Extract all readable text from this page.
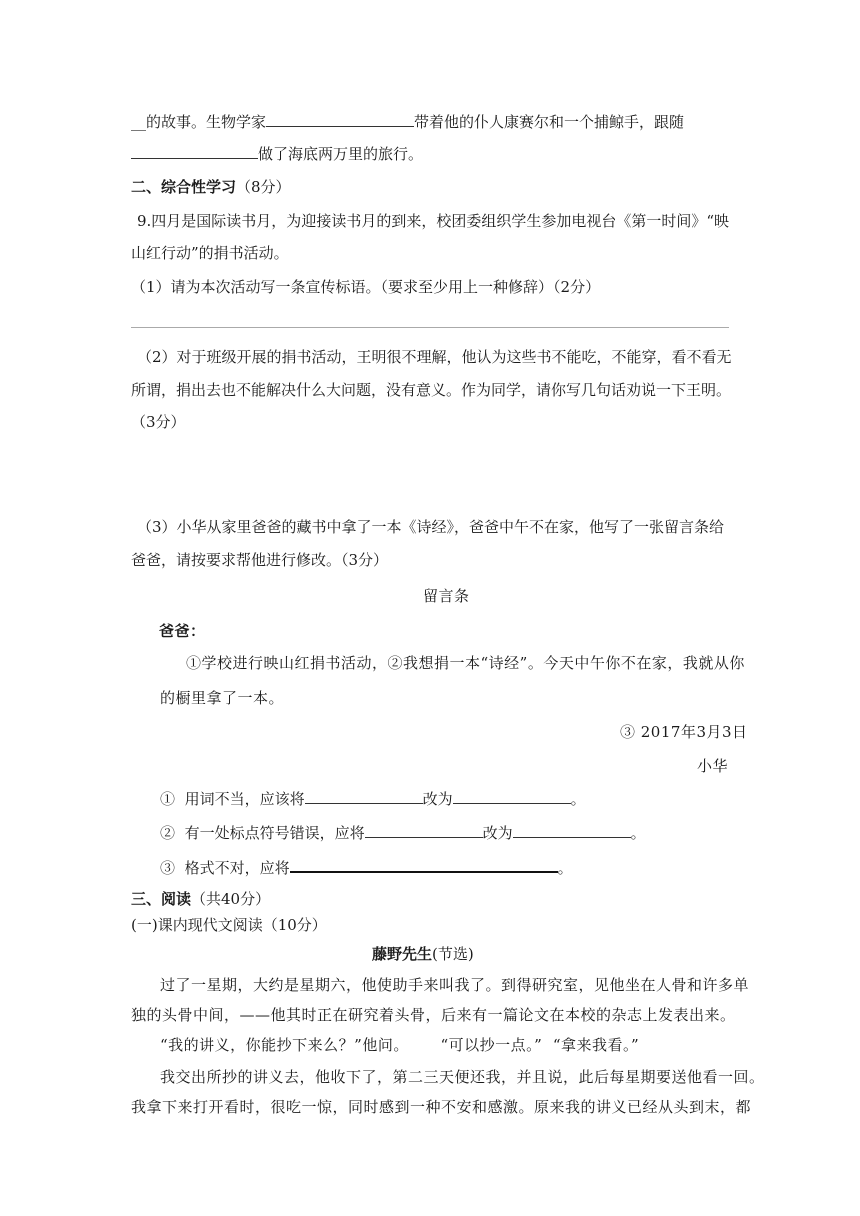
__的故事。生物学家	带着他的仆人康赛尔和一个捕鲸手，跟随
做了海底两万里的旅行。
二、综合性学习（8分）
9.四月是国际读书月，为迎接读书月的到来，校团委组织学生参加电视台《第一时间》“映
山红行动”的捐书活动。
（1）请为本次活动写一条宣传标语。（要求至少用上一种修辞）（2分）
（2）对于班级开展的捐书活动，王明很不理解，他认为这些书不能吃，不能穿，看不看无
所谓，捐出去也不能解决什么大问题，没有意义。作为同学，请你写几句话劝说一下王明。
（3分）
（3）小华从家里爸爸的藏书中拿了一本《诗经》，爸爸中午不在家，他写了一张留言条给
爸爸，请按要求帮他进行修改。（3分）
留言条
爸爸：
①学校进行映山红捐书活动，②我想捐一本“诗经”。今天中午你不在家，我就从你
的橱里拿了一本。
③ 2017年3月3日
小华
① 用词不当，应该将	改为	。
② 有一处标点符号错误，应将	改为	。
③ 格式不对，应将	。
三、阅读（共40分）
(一)课内现代文阅读（10分）
藤野先生(节选)
过了一星期，大约是星期六，他使助手来叫我了。到得研究室，见他坐在人骨和许多单
独的头骨中间，——他其时正在研究着头骨，后来有一篇论文在本校的杂志上发表出来。
“我的讲义，你能抄下来么？”他问。      “可以抄一点。”  “拿来我看。”
我交出所抄的讲义去，他收下了，第二三天便还我，并且说，此后每星期要送他看一回。
我拿下来打开看时，很吃一惊，同时感到一种不安和感激。原来我的讲义已经从头到末，都
